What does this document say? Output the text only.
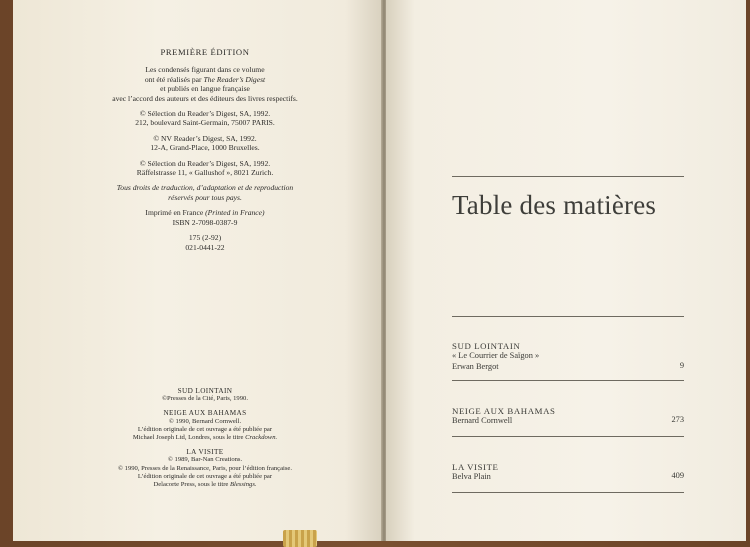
PREMIÈRE ÉDITION

Les condensés figurant dans ce volume
ont été réalisés par The Reader’s Digest
et publiés en langue française
avec l’accord des auteurs et des éditeurs des livres respectifs.

© Sélection du Reader’s Digest, SA, 1992.
212, boulevard Saint-Germain, 75007 PARIS.

© NV Reader’s Digest, SA, 1992.
12-A, Grand-Place, 1000 Bruxelles.

© Sélection du Reader’s Digest, SA, 1992.
Räffelstrasse 11, « Gallushof », 8021 Zurich.

Tous droits de traduction, d’adaptation et de reproduction
réservés pour tous pays.

Imprimé en France (Printed in France)
ISBN 2-7098-0387-9

175 (2-92)
021-0441-22

SUD LOINTAIN
©Presses de la Cité, Paris, 1990.
NEIGE AUX BAHAMAS
© 1990, Bernard Cornwell.
L’édition originale de cet ouvrage a été publiée par
Michael Joseph Ltd, Londres, sous le titre Crackdown.
LA VISITE
© 1989, Bar-Nan Creations.
© 1990, Presses de la Renaissance, Paris, pour l’édition française.
L’édition originale de cet ouvrage a été publiée par
Delacorte Press, sous le titre Blessings.
Table des matières
SUD LOINTAIN
« Le Courrier de Saïgon »
Erwan Bergot	9
NEIGE AUX BAHAMAS
Bernard Cornwell	273
LA VISITE
Belva Plain	409
